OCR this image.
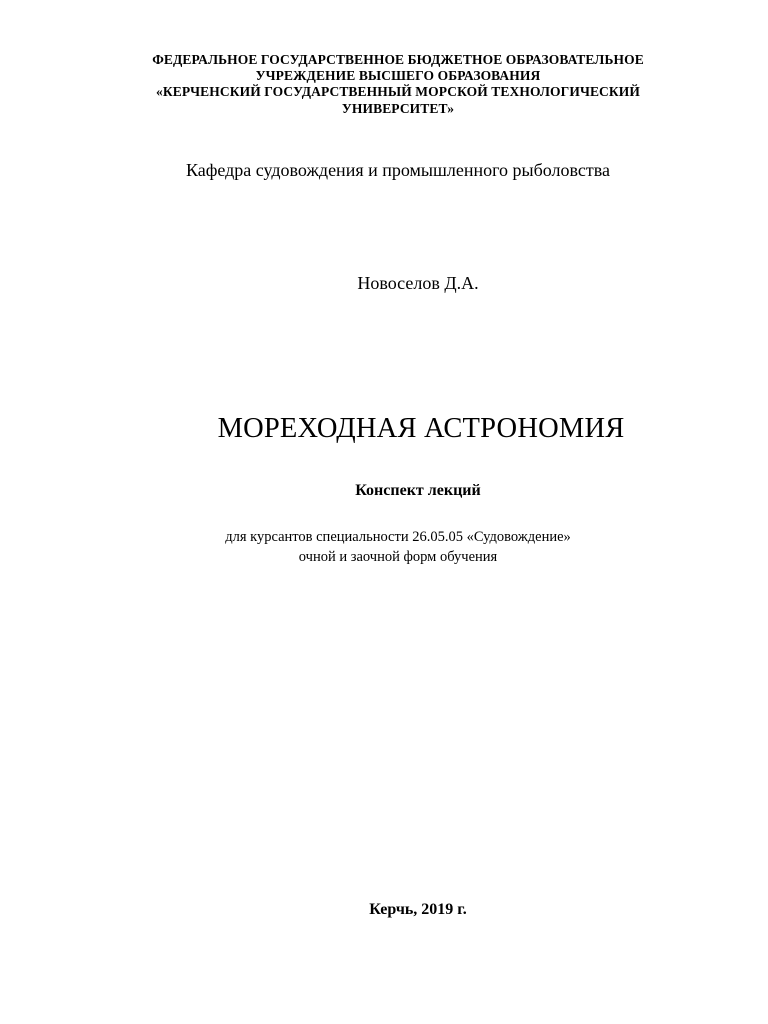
ФЕДЕРАЛЬНОЕ ГОСУДАРСТВЕННОЕ БЮДЖЕТНОЕ ОБРАЗОВАТЕЛЬНОЕ

УЧРЕЖДЕНИЕ ВЫСШЕГО ОБРАЗОВАНИЯ

«КЕРЧЕНСКИЙ ГОСУДАРСТВЕННЫЙ МОРСКОЙ ТЕХНОЛОГИЧЕСКИЙ

УНИВЕРСИТЕТ»

Кафедра судовождения и промышленного рыболовства

Новоселов Д.А.

МОРЕХОДНАЯ АСТРОНОМИЯ

Конспект лекций

для курсантов специальности 26.05.05 «Судовождение»

очной и заочной форм обучения

Керчь, 2019 г.
